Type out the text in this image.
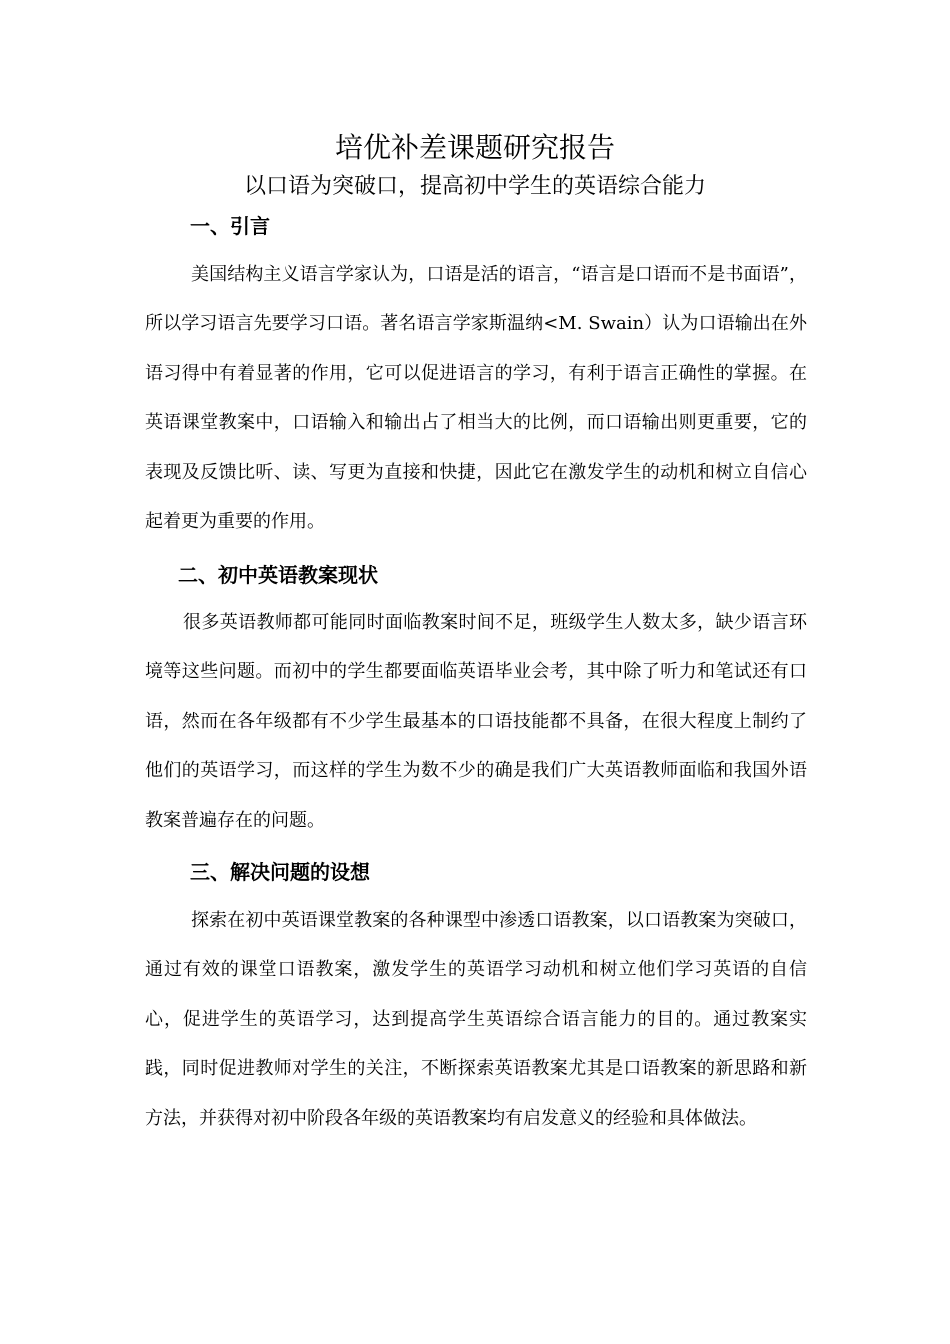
培优补差课题研究报告
以口语为突破口，提高初中学生的英语综合能力
一、引言

美国结构主义语言学家认为，口语是活的语言，“语言是口语而不是书面语”，所以学习语言先要学习口语。著名语言学家斯温纳<M. Swain）认为口语输出在外语习得中有着显著的作用，它可以促进语言的学习，有利于语言正确性的掌握。在英语课堂教案中，口语输入和输出占了相当大的比例，而口语输出则更重要，它的表现及反馈比听、读、写更为直接和快捷，因此它在激发学生的动机和树立自信心起着更为重要的作用。

二、初中英语教案现状

很多英语教师都可能同时面临教案时间不足，班级学生人数太多，缺少语言环境等这些问题。而初中的学生都要面临英语毕业会考，其中除了听力和笔试还有口语，然而在各年级都有不少学生最基本的口语技能都不具备，在很大程度上制约了他们的英语学习，而这样的学生为数不少的确是我们广大英语教师面临和我国外语教案普遍存在的问题。

三、解决问题的设想

探索在初中英语课堂教案的各种课型中渗透口语教案，以口语教案为突破口，通过有效的课堂口语教案，激发学生的英语学习动机和树立他们学习英语的自信心，促进学生的英语学习，达到提高学生英语综合语言能力的目的。通过教案实践，同时促进教师对学生的关注，不断探索英语教案尤其是口语教案的新思路和新方法，并获得对初中阶段各年级的英语教案均有启发意义的经验和具体做法。
